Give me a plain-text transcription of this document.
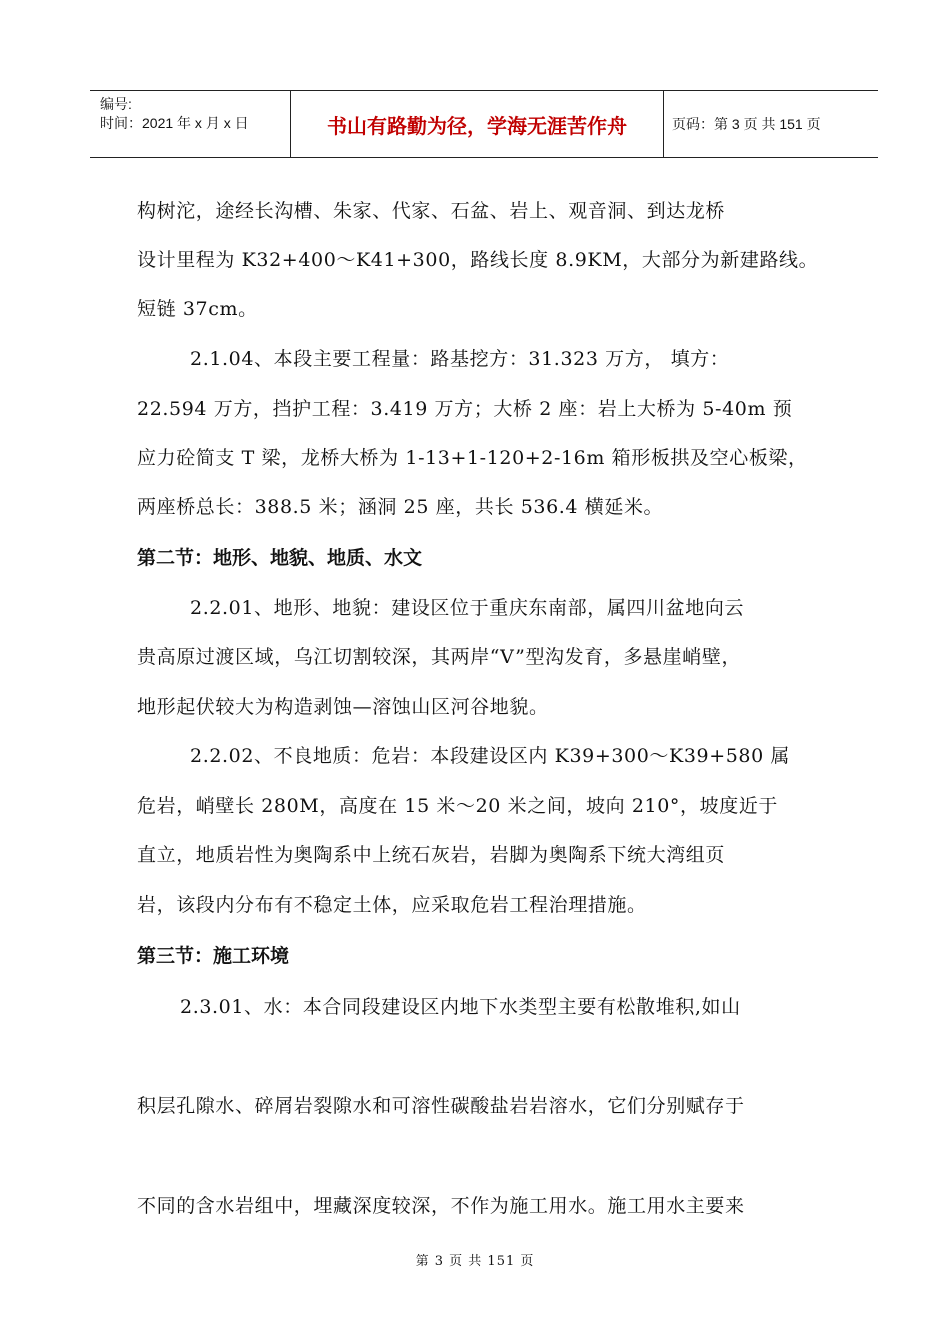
编号:
时间：2021 年 x 月 x 日	书山有路勤为径，学海无涯苦作舟	页码：第 3 页 共 151 页

构树沱，途经长沟槽、朱家、代家、石盆、岩上、观音洞、到达龙桥

设计里程为 K32+400～K41+300，路线长度 8.9KM，大部分为新建路线。

短链 37cm。

2.1.04、本段主要工程量：路基挖方：31.323 万方， 填方：

22.594 万方，挡护工程：3.419 万方；大桥 2 座：岩上大桥为 5-40m 预

应力砼简支 T 梁，龙桥大桥为 1-13+1-120+2-16m 箱形板拱及空心板梁，

两座桥总长：388.5 米；涵洞 25 座，共长 536.4 横延米。

第二节：地形、地貌、地质、水文

2.2.01、地形、地貌：建设区位于重庆东南部，属四川盆地向云

贵高原过渡区域，乌江切割较深，其两岸“V”型沟发育，多悬崖峭壁，

地形起伏较大为构造剥蚀—溶蚀山区河谷地貌。

2.2.02、不良地质：危岩：本段建设区内 K39+300～K39+580 属

危岩，峭壁长 280M，高度在 15 米～20 米之间，坡向 210°，坡度近于

直立，地质岩性为奥陶系中上统石灰岩，岩脚为奥陶系下统大湾组页

岩，该段内分布有不稳定土体，应采取危岩工程治理措施。

第三节：施工环境

2.3.01、水：本合同段建设区内地下水类型主要有松散堆积,如山

积层孔隙水、碎屑岩裂隙水和可溶性碳酸盐岩岩溶水，它们分别赋存于

不同的含水岩组中，埋藏深度较深，不作为施工用水。施工用水主要来

第 3 页 共 151 页
